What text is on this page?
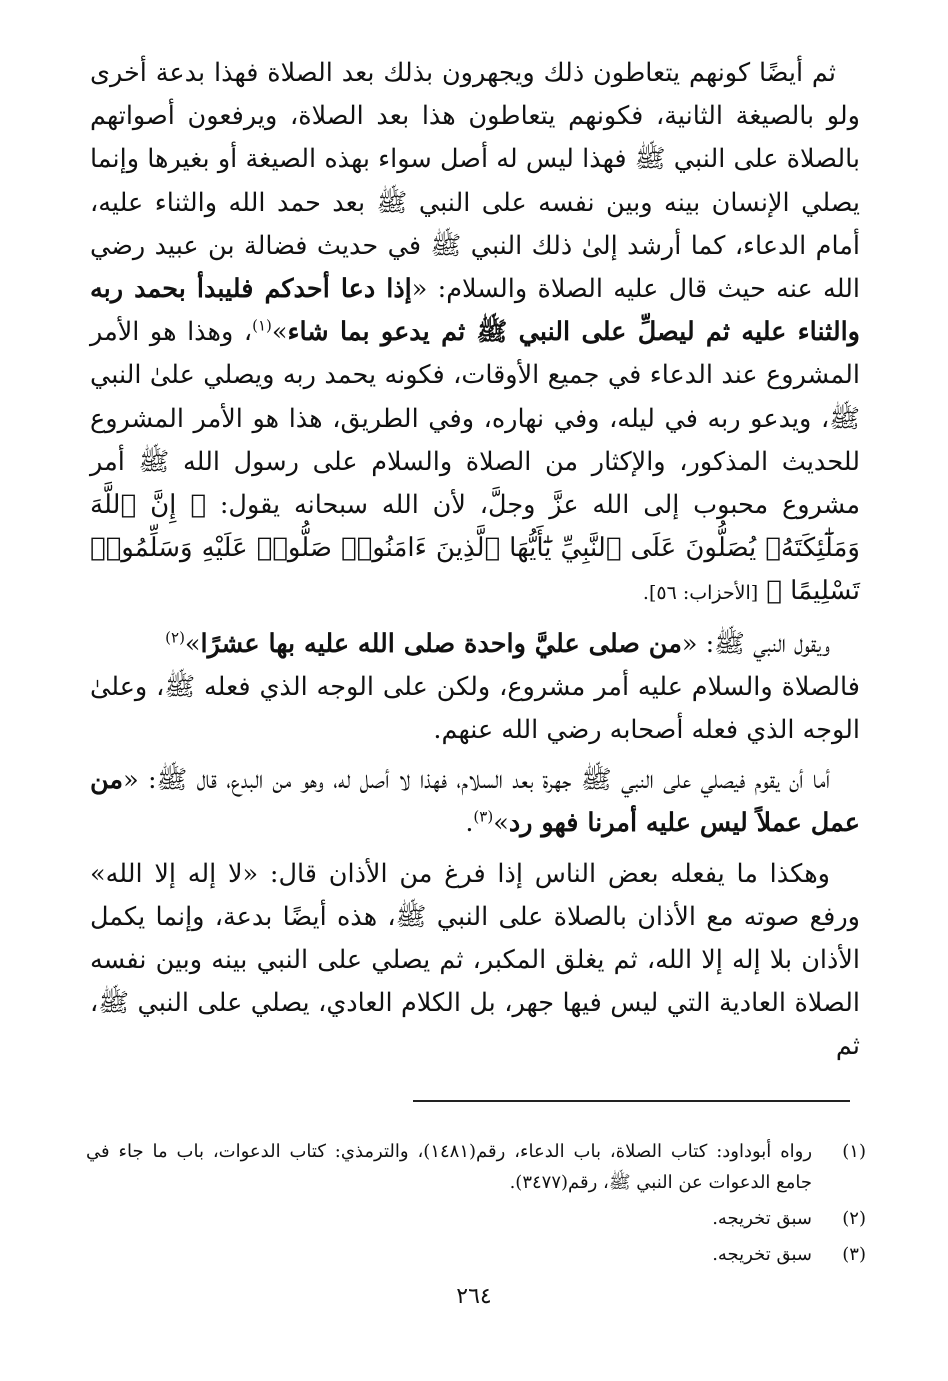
ثم أيضًا كونهم يتعاطون ذلك ويجهرون بذلك بعد الصلاة فهذا بدعة أخرى ولو بالصيغة الثانية، فكونهم يتعاطون هذا بعد الصلاة، ويرفعون أصواتهم بالصلاة على النبي ﷺ فهذا ليس له أصل سواء بهذه الصيغة أو بغيرها وإنما يصلي الإنسان بينه وبين نفسه على النبي ﷺ بعد حمد الله والثناء عليه، أمام الدعاء، كما أرشد إلىٰ ذلك النبي ﷺ في حديث فضالة بن عبيد رضي الله عنه حيث قال عليه الصلاة والسلام: «إذا دعا أحدكم فليبدأ بحمد ربه والثناء عليه ثم ليصلِّ على النبي ﷺ ثم يدعو بما شاء»$^{(١)}$، وهذا هو الأمر المشروع عند الدعاء في جميع الأوقات، فكونه يحمد ربه ويصلي علىٰ النبي ﷺ، ويدعو ربه في ليله، وفي نهاره، وفي الطريق، هذا هو الأمر المشروع للحديث المذكور، والإكثار من الصلاة والسلام على رسول الله ﷺ أمر مشروع محبوب إلى الله عزَّ وجلَّ، لأن الله سبحانه يقول: ﴿ إِنَّ ٱللَّهَ وَمَلَٰٓئِكَتَهُۥ يُصَلُّونَ عَلَى ٱلنَّبِيِّ يَٰٓأَيُّهَا ٱلَّذِينَ ءَامَنُوا۟ صَلُّوا۟ عَلَيْهِ وَسَلِّمُوا۟ تَسْلِيمًا ﴾ [الأحزاب: ٥٦].

ويقول النبي ﷺ: «من صلى عليَّ واحدة صلى الله عليه بها عشرًا»$^{(٢)}$

فالصلاة والسلام عليه أمر مشروع، ولكن على الوجه الذي فعله ﷺ، وعلىٰ الوجه الذي فعله أصحابه رضي الله عنهم.

أما أن يقوم فيصلي على النبي ﷺ جهرة بعد السلام، فهذا لا أصل له، وهو من البدع، قال ﷺ: «من عمل عملاً ليس عليه أمرنا فهو رد»$^{(٣)}$.

وهكذا ما يفعله بعض الناس إذا فرغ من الأذان قال: «لا إله إلا الله» ورفع صوته مع الأذان بالصلاة على النبي ﷺ، هذه أيضًا بدعة، وإنما يكمل الأذان بلا إله إلا الله، ثم يغلق المكبر، ثم يصلي على النبي بينه وبين نفسه الصلاة العادية التي ليس فيها جهر، بل الكلام العادي، يصلي على النبي ﷺ، ثم

(١)
رواه أبوداود: كتاب الصلاة، باب الدعاء، رقم(١٤٨١)، والترمذي: كتاب الدعوات، باب ما جاء في جامع الدعوات عن النبي ﷺ، رقم(٣٤٧٧).
(٢)
سبق تخريجه.
(٣)
سبق تخريجه.
٢٦٤
